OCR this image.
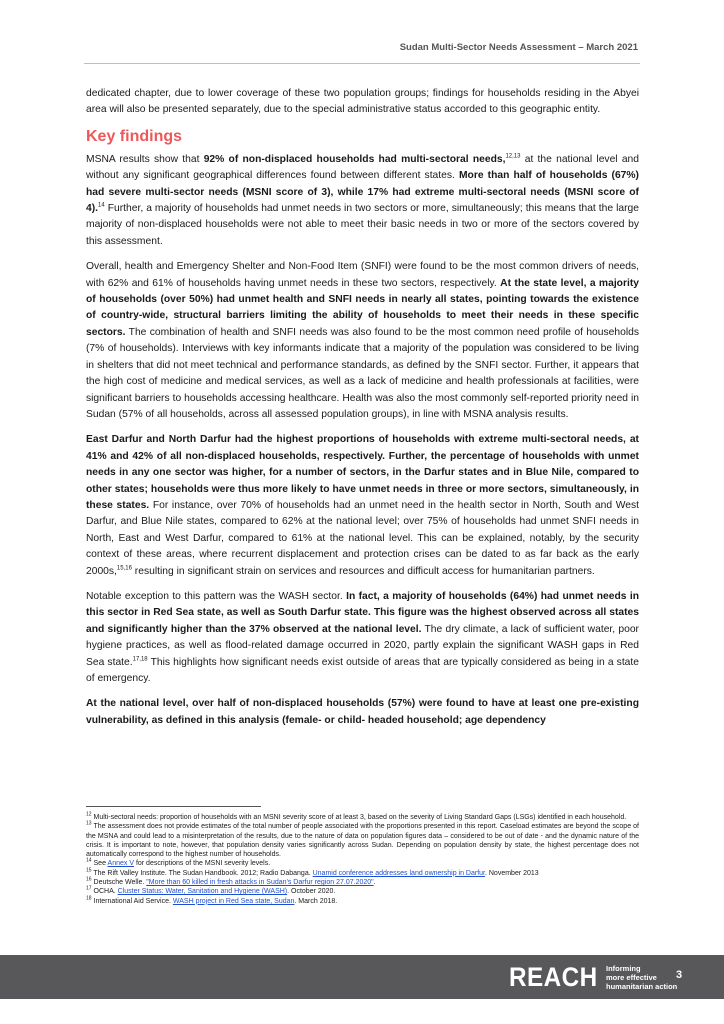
Sudan Multi-Sector Needs Assessment – March 2021

dedicated chapter, due to lower coverage of these two population groups; findings for households residing in the Abyei area will also be presented separately, due to the special administrative status accorded to this geographic entity.

Key findings

MSNA results show that 92% of non-displaced households had multi-sectoral needs,$^{12,13}$ at the national level and without any significant geographical differences found between different states. More than half of households (67%) had severe multi-sector needs (MSNI score of 3), while 17% had extreme multi-sectoral needs (MSNI score of 4).$^{14}$ Further, a majority of households had unmet needs in two sectors or more, simultaneously; this means that the large majority of non-displaced households were not able to meet their basic needs in two or more of the sectors covered by this assessment.

Overall, health and Emergency Shelter and Non-Food Item (SNFI) were found to be the most common drivers of needs, with 62% and 61% of households having unmet needs in these two sectors, respectively. At the state level, a majority of households (over 50%) had unmet health and SNFI needs in nearly all states, pointing towards the existence of country-wide, structural barriers limiting the ability of households to meet their needs in these specific sectors. The combination of health and SNFI needs was also found to be the most common need profile of households (7% of households). Interviews with key informants indicate that a majority of the population was considered to be living in shelters that did not meet technical and performance standards, as defined by the SNFI sector. Further, it appears that the high cost of medicine and medical services, as well as a lack of medicine and health professionals at facilities, were significant barriers to households accessing healthcare. Health was also the most commonly self-reported priority need in Sudan (57% of all households, across all assessed population groups), in line with MSNA analysis results.

East Darfur and North Darfur had the highest proportions of households with extreme multi-sectoral needs, at 41% and 42% of all non-displaced households, respectively. Further, the percentage of households with unmet needs in any one sector was higher, for a number of sectors, in the Darfur states and in Blue Nile, compared to other states; households were thus more likely to have unmet needs in three or more sectors, simultaneously, in these states. For instance, over 70% of households had an unmet need in the health sector in North, South and West Darfur, and Blue Nile states, compared to 62% at the national level; over 75% of households had unmet SNFI needs in North, East and West Darfur, compared to 61% at the national level. This can be explained, notably, by the security context of these areas, where recurrent displacement and protection crises can be dated to as far back as the early 2000s,$^{15,16}$ resulting in significant strain on services and resources and difficult access for humanitarian partners.

Notable exception to this pattern was the WASH sector. In fact, a majority of households (64%) had unmet needs in this sector in Red Sea state, as well as South Darfur state. This figure was the highest observed across all states and significantly higher than the 37% observed at the national level. The dry climate, a lack of sufficient water, poor hygiene practices, as well as flood-related damage occurred in 2020, partly explain the significant WASH gaps in Red Sea state.$^{17,18}$ This highlights how significant needs exist outside of areas that are typically considered as being in a state of emergency.

At the national level, over half of non-displaced households (57%) were found to have at least one pre-existing vulnerability, as defined in this analysis (female- or child- headed household; age dependency

$^{12}$ Multi-sectoral needs: proportion of households with an MSNI severity score of at least 3, based on the severity of Living Standard Gaps (LSGs) identified in each household.

$^{13}$ The assessment does not provide estimates of the total number of people associated with the proportions presented in this report. Caseload estimates are beyond the scope of the MSNA and could lead to a misinterpretation of the results, due to the nature of data on population figures data – considered to be out of date - and the dynamic nature of the crisis. It is important to note, however, that population density varies significantly across Sudan. Depending on population density by state, the highest percentage does not automatically correspond to the highest number of households.

$^{14}$ See Annex V for descriptions of the MSNI severity levels.

$^{15}$ The Rift Valley Institute. The Sudan Handbook. 2012; Radio Dabanga. Unamid conference addresses land ownership in Darfur. November 2013

$^{16}$ Deutsche Welle. "More than 60 killed in fresh attacks in Sudan's Darfur region 27.07.2020".

$^{17}$ OCHA. Cluster Status: Water, Sanitation and Hygiene (WASH). October 2020.

$^{18}$ International Aid Service. WASH project in Red Sea state, Sudan. March 2018.

REACH Informing
more effective
humanitarian action
3
